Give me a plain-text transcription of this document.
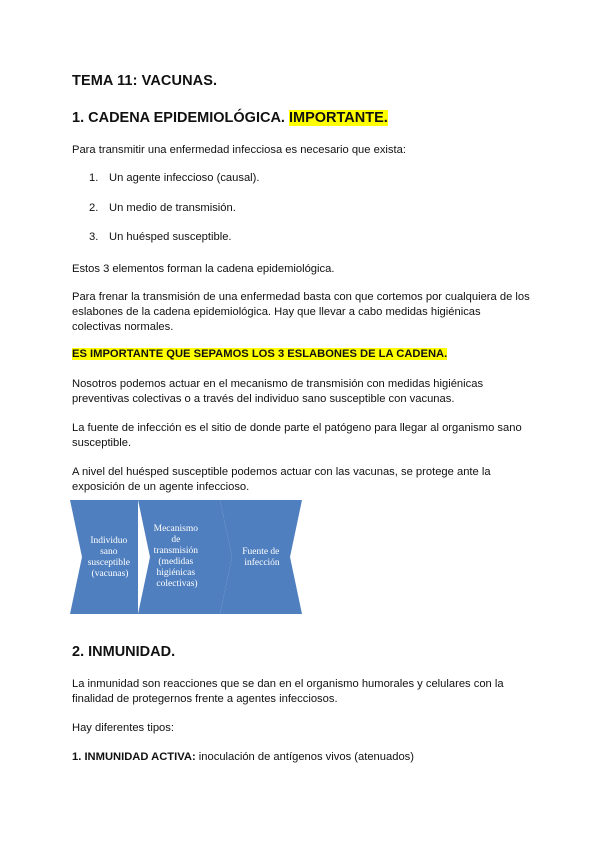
TEMA 11: VACUNAS.
1. CADENA EPIDEMIOLÓGICA. IMPORTANTE.
Para transmitir una enfermedad infecciosa es necesario que exista:
1. Un agente infeccioso (causal).
2. Un medio de transmisión.
3. Un huésped susceptible.
Estos 3 elementos forman la cadena epidemiológica.
Para frenar la transmisión de una enfermedad basta con que cortemos por cualquiera de los eslabones de la cadena epidemiológica. Hay que llevar a cabo medidas higiénicas colectivas normales.
ES IMPORTANTE QUE SEPAMOS LOS 3 ESLABONES DE LA CADENA.
Nosotros podemos actuar en el mecanismo de transmisión con medidas higiénicas preventivas colectivas o a través del individuo sano susceptible con vacunas.
La fuente de infección es el sitio de donde parte el patógeno para llegar al organismo sano susceptible.
A nivel del huésped susceptible podemos actuar con las vacunas, se protege ante la exposición de un agente infeccioso.
Individuo sano susceptible (vacunas)
Mecanismo de transmisión (medidas higiénicas colectivas)
Fuente de infección
2. INMUNIDAD.
La inmunidad son reacciones que se dan en el organismo humorales y celulares con la finalidad de protegernos frente a agentes infecciosos.
Hay diferentes tipos:
1. INMUNIDAD ACTIVA: inoculación de antígenos vivos (atenuados)
